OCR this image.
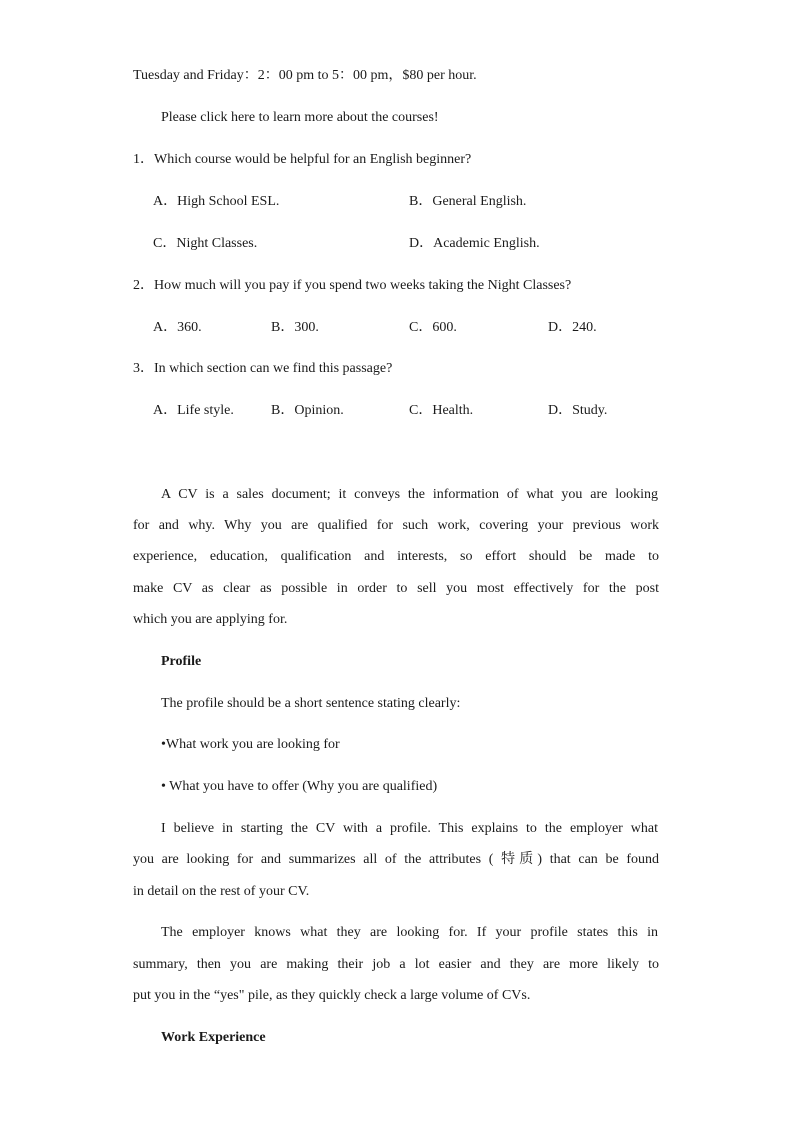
Tuesday and Friday：2：00 pm to 5：00 pm，$80 per hour.
Please click here to learn more about the courses!
1．Which course would be helpful for an English beginner?
A．High School ESL.	B．General English.
C．Night Classes.	D．Academic English.
2．How much will you pay if you spend two weeks taking the Night Classes?
A．360.	B．300.	C．600.	D．240.
3．In which section can we find this passage?
A．Life style.	B．Opinion.	C．Health.	D．Study.
A CV is a sales document; it conveys the information of what you are looking
for and why. Why you are qualified for such work, covering your previous work
experience, education, qualification and interests, so effort should be made to
make CV as clear as possible in order to sell you most effectively for the post
which you are applying for.
Profile
The profile should be a short sentence stating clearly:
•What work you are looking for
• What you have to offer (Why you are qualified)
I believe in starting the CV with a profile. This explains to the employer what
you are looking for and summarizes all of the attributes ( 特质) that can be found
in detail on the rest of your CV.
The employer knows what they are looking for. If your profile states this in
summary, then you are making their job a lot easier and they are more likely to
put you in the “yes" pile, as they quickly check a large volume of CVs.
Work Experience
